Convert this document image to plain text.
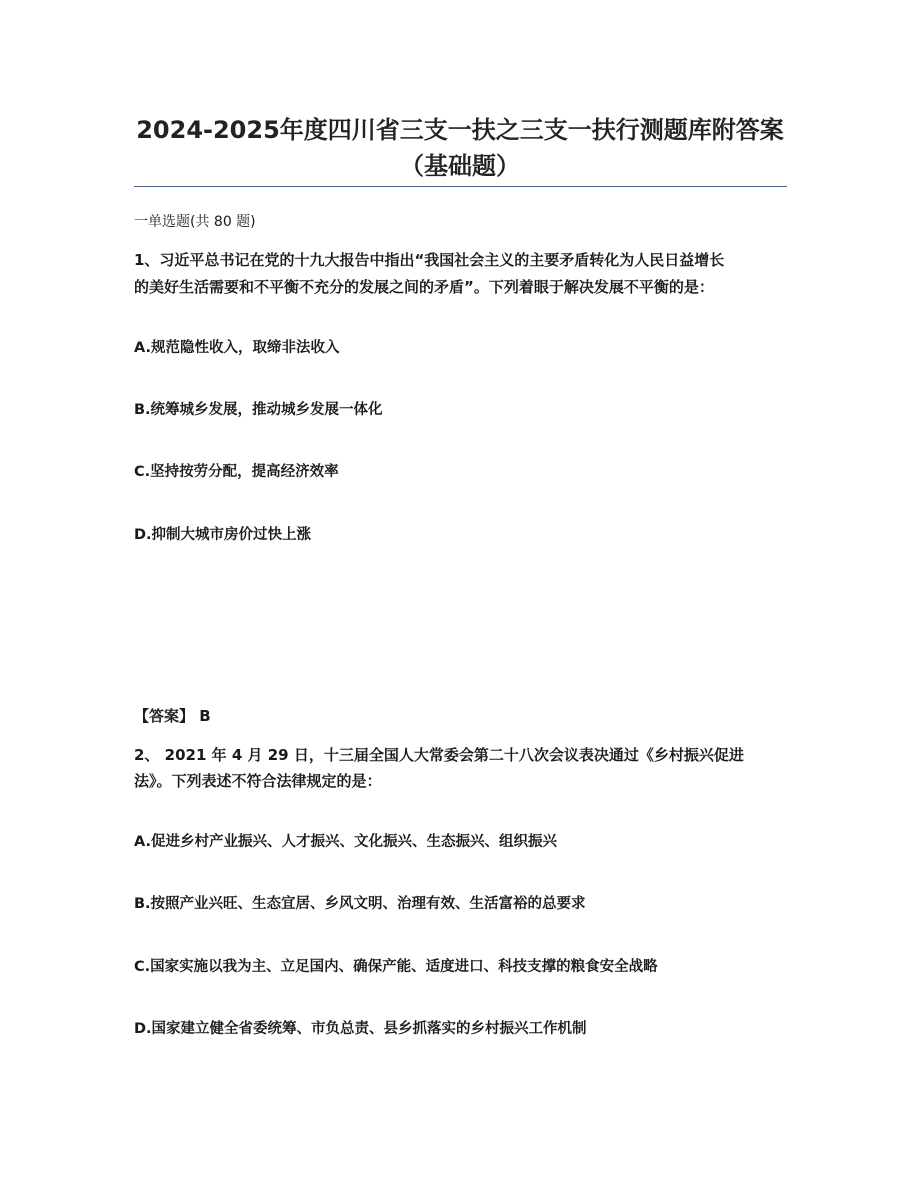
2024-2025年度四川省三支一扶之三支一扶行测题库附答案
（基础题）
一单选题(共 80 题)
1、习近平总书记在党的十九大报告中指出“我国社会主义的主要矛盾转化为人民日益增长
的美好生活需要和不平衡不充分的发展之间的矛盾”。下列着眼于解决发展不平衡的是：
A.规范隐性收入，取缔非法收入
B.统筹城乡发展，推动城乡发展一体化
C.坚持按劳分配，提高经济效率
D.抑制大城市房价过快上涨
【答案】 B
2、 2021 年 4 月 29 日，十三届全国人大常委会第二十八次会议表决通过《乡村振兴促进
法》。下列表述不符合法律规定的是：
A.促进乡村产业振兴、人才振兴、文化振兴、生态振兴、组织振兴
B.按照产业兴旺、生态宜居、乡风文明、治理有效、生活富裕的总要求
C.国家实施以我为主、立足国内、确保产能、适度进口、科技支撑的粮食安全战略
D.国家建立健全省委统筹、市负总责、县乡抓落实的乡村振兴工作机制
